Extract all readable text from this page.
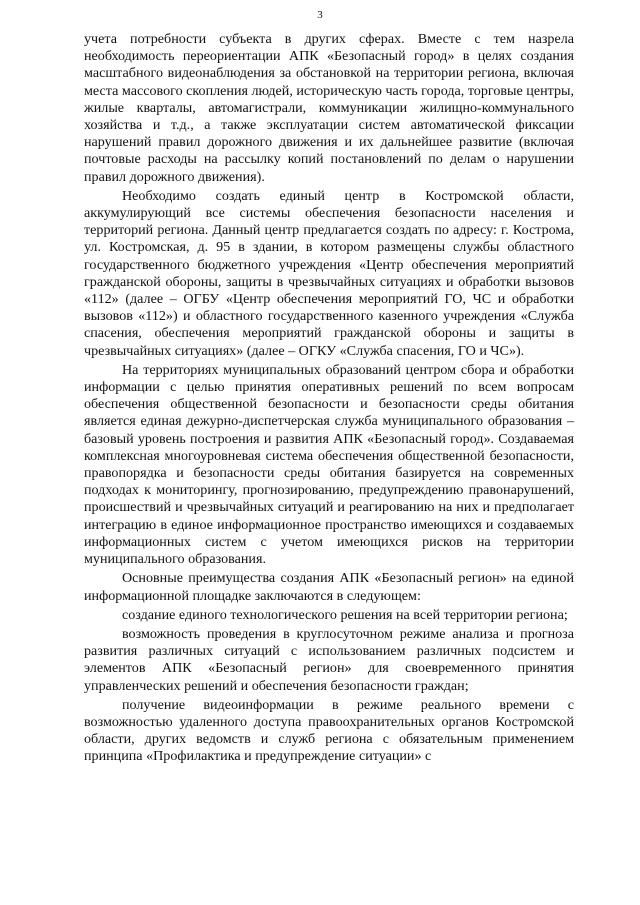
3

учета потребности субъекта в других сферах. Вместе с тем назрела необходимость переориентации АПК «Безопасный город» в целях создания масштабного видеонаблюдения за обстановкой на территории региона, включая места массового скопления людей, историческую часть города, торговые центры, жилые кварталы, автомагистрали, коммуникации жилищно-коммунального хозяйства и т.д., а также эксплуатации систем автоматической фиксации нарушений правил дорожного движения и их дальнейшее развитие (включая почтовые расходы на рассылку копий постановлений по делам о нарушении правил дорожного движения).

Необходимо создать единый центр в Костромской области, аккумулирующий все системы обеспечения безопасности населения и территорий региона. Данный центр предлагается создать по адресу: г. Кострома, ул. Костромская, д. 95 в здании, в котором размещены службы областного государственного бюджетного учреждения «Центр обеспечения мероприятий гражданской обороны, защиты в чрезвычайных ситуациях и обработки вызовов «112» (далее – ОГБУ «Центр обеспечения мероприятий ГО, ЧС и обработки вызовов «112») и областного государственного казенного учреждения «Служба спасения, обеспечения мероприятий гражданской обороны и защиты в чрезвычайных ситуациях» (далее – ОГКУ «Служба спасения, ГО и ЧС»).

На территориях муниципальных образований центром сбора и обработки информации с целью принятия оперативных решений по всем вопросам обеспечения общественной безопасности и безопасности среды обитания является единая дежурно-диспетчерская служба муниципального образования – базовый уровень построения и развития АПК «Безопасный город». Создаваемая комплексная многоуровневая система обеспечения общественной безопасности, правопорядка и безопасности среды обитания базируется на современных подходах к мониторингу, прогнозированию, предупреждению правонарушений, происшествий и чрезвычайных ситуаций и реагированию на них и предполагает интеграцию в единое информационное пространство имеющихся и создаваемых информационных систем с учетом имеющихся рисков на территории муниципального образования.

Основные преимущества создания АПК «Безопасный регион» на единой информационной площадке заключаются в следующем:

создание единого технологического решения на всей территории региона;

возможность проведения в круглосуточном режиме анализа и прогноза развития различных ситуаций с использованием различных подсистем и элементов АПК «Безопасный регион» для своевременного принятия управленческих решений и обеспечения безопасности граждан;

получение видеоинформации в режиме реального времени с возможностью удаленного доступа правоохранительных органов Костромской области, других ведомств и служб региона с обязательным применением принципа «Профилактика и предупреждение ситуации» с
